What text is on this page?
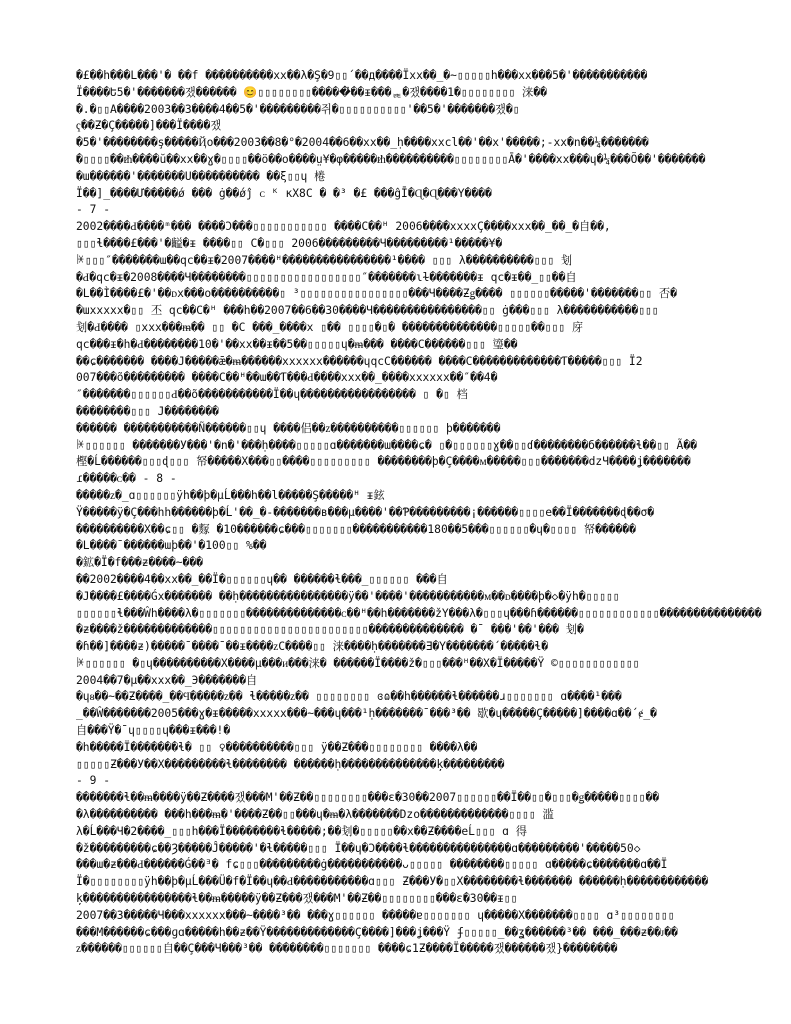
�£��h���L���'� ��f ����������xx��λ�Ş�9▯▯´��д����Ïxx��_�~▯▯▯▯▯h���xx���5�'�����������
Ï����Ե5�'�������쟀������ 😊▯▯▯▯▯▯▯▯�����҆��ᵻ���ᆴ�쟀����1�▯▯▯▯▯▯▯▯ 涞��
�.�▯▯A����2003��3����4��5�'���������쥐�▯▯▯▯▯▯▯▯▯▯'��5�'�������쟀�▯
ҁ��Ƶ�Ç�����]���Ï����쟀
�5�'��������ş�����Ҋo���2003��8�°�2004��6��xx��_ḥ����xxcl��'��x'�����;-xx�n��¼�������
�▯▯▯▯��ᵺ����ŭ��xx��ɣ�▯▯▯▯��ӧ��o����ṳ¥�φ�����ᵺ����������▯▯▯▯▯▯▯▯Ā�'����xx���ɥ�¼���Õ��'�������
�ɯ������'�������U���������� ��ξ▯▯ɥ 棬
Ï��]_����Ư�����ǿ ��� ġ��ǿĵ ᴄ ᴷ κΧ8C � �³ �£ ���ĝĪ�Ɋ�Ɋ���Y����
- 7 -
2002����Ԁ����ᵐ��� ����Ͻ���▯▯▯▯▯▯▯▯▯▯▯ ����C��ᴴ 2006����xxxxÇ����xxx��_��_�⾃��,
▯▯▯ɬ����£���'�齸�ᵻ ����▯▯ C�▯▯▯ 2006���������Ч���������¹�����¥�
ꏌ▯▯▯″�������ɯ��qc��ᵻ�2007����ᴴ����������������¹���� ▯▯▯ λ����������▯▯▯ 刬
�Ԁ�qc�ᵻ�2008����Ч��������▯▯▯▯▯▯▯▯▯▯▯▯▯▯▯▯▯″�������ɩɫ�������ᵻ qc�ᵻ��_▯▯��⾃
�L��Ì����£�'��ᴅx���o����������▯ ³▯▯▯▯▯▯▯▯▯▯▯▯▯▯▯▯���Ч����Ƶǥ���� ▯▯▯▯▯▯�����'�������▯▯ 否�
�ɯxxxxx�▯▯ 丕 qc��C�ᴴ ���h��2007��6��30����Ч����������������▯▯ ġ���▯▯▯ λ�����������▯▯▯
刬�Ԁ���� ▯xxx���ᵯ�� ▯▯ �C ���_����x ▯�� ▯▯▯▯�▯� ��������������▯▯▯▯▯��▯▯▯ 庌
qc���ᵻ�h�Ԁ��������10�'��xx��ᵻ��5��▯▯▯▯▯ɥ�ᵯ��� ����C������▯▯▯ 瑬��
��ɕ������� ����J�����ǣ�ᵯ������xxxxxx������ɥqcC������ ����C�������������Ƭ�����▯▯▯ Ï2
007���õ��������� ����C��ᴴ��ɯ��Ƭ���Ԁ����xxx��_����xxxxxx��″��4�
″�������▯▯▯▯▯▯Ԁ��õ�����������Ï��ɥ����������������� ▯ �▯ 档
��������▯▯▯ J��������
������ �����������Ñ������▯▯ɥ ����侣��ᴢ����������▯▯▯▯▯▯ þ�������
ꏌ▯▯▯▯▯▯ �������У���'�n�'���ḥ����▯▯▯▯▯ɑ�������ɯ����ɕ� ▯�▯▯▯▯▯▯ɣ��▯▯ɗ��������б������ɬ��▯▯ Ã��
樫�Ĺ������▯▯▯ɖ▯▯▯ 帑�����Χ���▯▯����▯▯▯▯▯▯▯▯▯ ��������þ�Ç����ᴍ�����▯▯▯�������dzЧ����ʝ�������
ɾ�����ᴄ�� - 8 -
�����ᴢ�_ɑ▯▯▯▯▯▯ÿh��þ�µĹ���h��l�����Ş�����ᴴ ᵻ鉉
Ÿ�����ÿ�Ç���hh������þ�Ĺ'��_�-�������в���µ����'��Ƥ���������¡������▯▯▯▯e��Ï�������ɖ��σ�
����������Χ��ɕ▯▯ �䴿 �10������ɕ���▯▯▯▯▯▯▯�����������180��5���▯▯▯▯▯▯�ɥ�▯▯▯▯ 帑������
�L����¯������ɯþ��'�100▯▯ %��
�鉱�Ï�f���ƶ����~���
��2002����4��xx��_��Ï�▯▯▯▯▯▯ɥ�� ������ɬ���_▯▯▯▯▯▯ ���⾃
�J����£����Ǵx������� ��ḥ����������������ÿ��'����'�����������ᴍ��ᴅ����þ�◇�ÿh�▯▯▯▯▯
▯▯▯▯▯▯ɬ���Ŵh����λ�▯▯▯▯▯▯▯��������������ᴄ��ᴴ��h�������žΥ���λ�▯▯▯ɥ���ɦ������▯▯▯▯▯▯▯▯▯▯▯▯���������������
�ƶ����ž�������������▯▯▯▯▯▯▯▯▯▯▯▯▯▯▯▯▯▯▯▯▯▯▯�������������� �¯ ���'��'��� 刬�
�ɦ��]����ƶ)�����¯����¯��ᵻ����ᴢC����▯▯ 涞����ḥ�������Ǝ�Y�������´�����ɬ�
ꏌ▯▯▯▯▯▯ �▯ɥ����������Χ����µ���ᴎ���涞� ������Ï����ž�▯▯▯���ᴴ��Χ�Ï�����Ÿ ©▯▯▯▯▯▯▯▯▯▯▯▯
2004��7�µ��xxx��_Э�������⾃
�ɥᴕ��~��Ƶ����_��Ϥ�����ᴢ�� ɬ�����ᴢ�� ▯▯▯▯▯▯▯▯ ɞɷ��h������ɬ������ɹ▯▯▯▯▯▯▯ ɑ����¹���
_��Ŵ�������2005���ɣ�ᵻ�����xxxxx���~���ɥ���¹ḥ�������¯���³�� 歇�ɥ�����Ç�����]����ɑ��´ɇ_�
⾃���Ÿ�¯ɥ▯▯▯▯ɥ���ᵻ���!�
�h�����Ï�������ɬ� ▯▯ ♀����������▯▯▯ ÿ��Ƶ���▯▯▯▯▯▯▯▯ ����λ��
▯▯▯▯▯Ƶ���У��Χ���������ɬ�������� ������ḥ��������������ķ���������
- 9 -
�������ɬ��ᵯ����ÿ��Ƶ����쟀���M'��Ƶ��▯▯▯▯▯▯▯▯���ɛ�30��2007▯▯▯▯▯▯��Ï��▯▯�▯▯▯�ǥ�����▯▯▯▯��
�λ���������� ���h���ᵯ�'����Ƶ��▯▯���ɥ�ᵯ�λ�������Dzo�������������▯▯▯▯ 滥
λ�Ĺ���Ч�2����_▯▯▯h���Ï��������ɬ�����;��刬�▯▯▯▯▯��x��Ƶ����eĹ▯▯▯ ɑ 得
�ž���������ɕ��Ȝ�����Ĵ�����'�ɬ�����▯▯▯ Ï��ɥ�Ͻ����ɬ���������������ɑ���������'�����50◇
���ɯ�ƶ���Ԁ������Ǵ��ᴲ� fɕ▯▯▯���������ġ�����������ᴗ▯▯▯▯▯ ��������▯▯▯▯▯ ɑ�����ɕ�������ɑ��Ï
Ï�▯▯▯▯▯▯▯▯ÿh��þ�µĹ���Ü�f�Ï��ɥ��Ԁ�����������ɑ▯▯▯ Ƶ���У�▯▯Χ��������ɬ������� ������ḥ������������
ķ����������������ɬ��ᵯ�����ÿ��Ƶ���쟀���M'��Ƶ��▯▯▯▯▯▯▯▯���ɛ�30��ᵻ▯▯
2007��3�����Ч���xxxxxx���~����³�� ���ɣ▯▯▯▯▯▯ �����ɐ▯▯▯▯▯▯▯ ɥ�����Χ�������▯▯▯▯ ɑ³▯▯▯▯▯▯▯▯
���M������ɕ���ɡɑ�����h��ƶ��Ÿ�������������Ç����]���ʝ���Ÿ ʄ▯▯▯▯▯_��ʓ������³�� ���_���ƶ��ᴊ��
ᴢ������▯▯▯▯▯▯⾃��Ç���Ч���³�� ��������▯▯▯▯▯▯▯ ����ɕ1Ƶ����Ï�����쟀������쟀}��������
